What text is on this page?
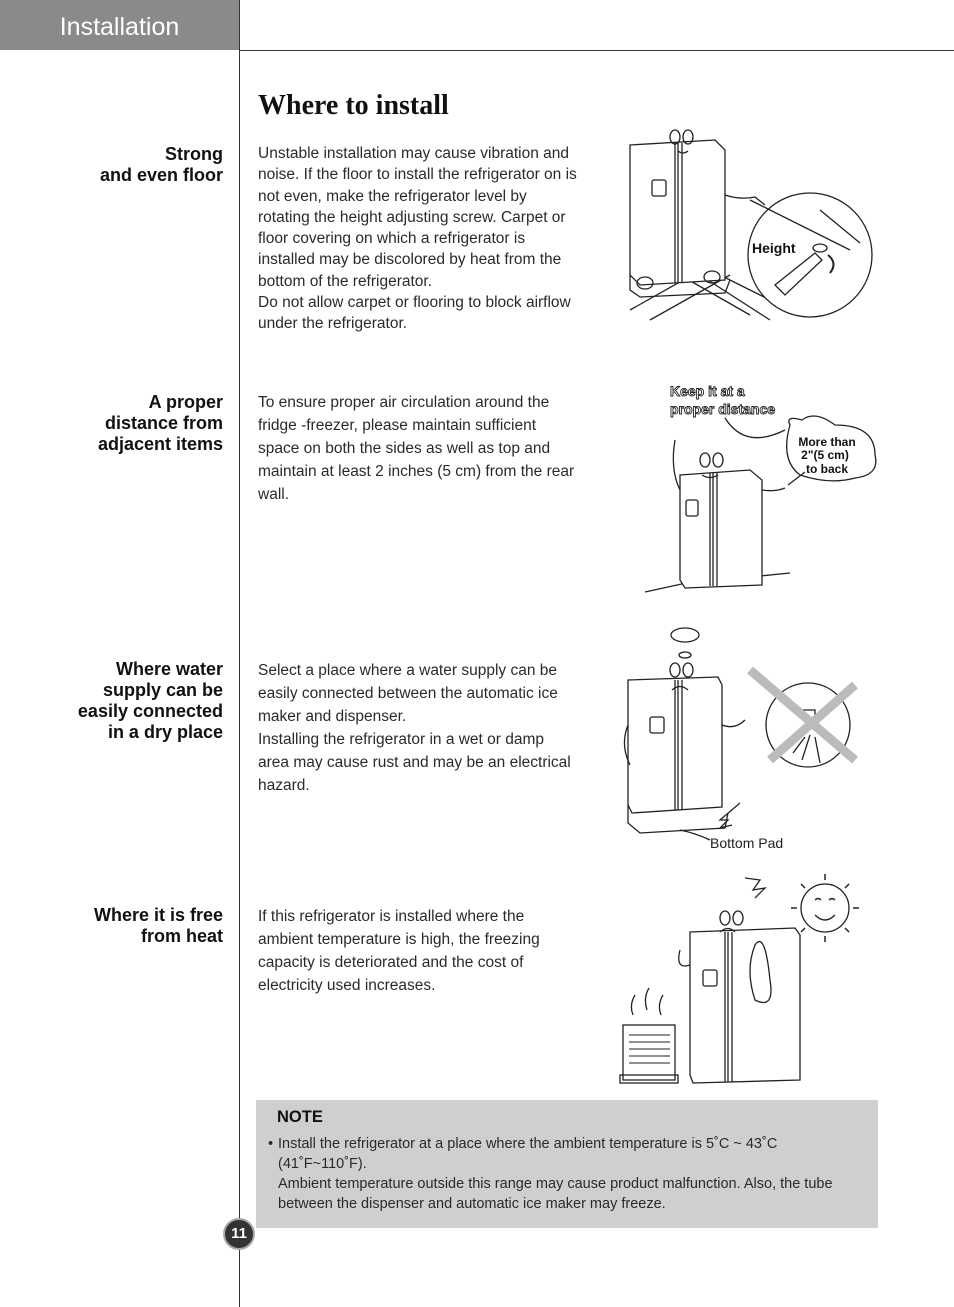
Installation
Where to install
Strong
and even floor

Unstable installation may cause vibration and noise. If the floor to install the refrigerator on is not even, make the refrigerator level by rotating the height adjusting screw. Carpet or floor covering on which a refrigerator is installed may be discolored by heat from the bottom of the refrigerator.

Do not allow carpet or flooring to block airflow under the refrigerator.

Height
A proper
distance from
adjacent items

To ensure proper air circulation around the fridge -freezer, please maintain sufficient space on both the sides as well as top and maintain at least 2 inches (5 cm) from the rear wall.

Keep it at a
proper distance
More than
2"(5 cm)
to back
Where water
supply can be
easily connected
in a dry place

Select a place where a water supply can be easily connected between the automatic ice maker and dispenser.

Installing the refrigerator in a wet or damp area may cause rust and may be an electrical hazard.

Bottom Pad
Where it is free
from heat

If this refrigerator is installed where the ambient temperature is high, the freezing capacity is deteriorated and the cost of electricity used increases.

NOTE
• Install the refrigerator at a place where the ambient temperature is 5˚C ~ 43˚C (41˚F~110˚F).
Ambient temperature outside this range may cause product malfunction. Also, the tube between the dispenser and automatic ice maker may freeze.
11
